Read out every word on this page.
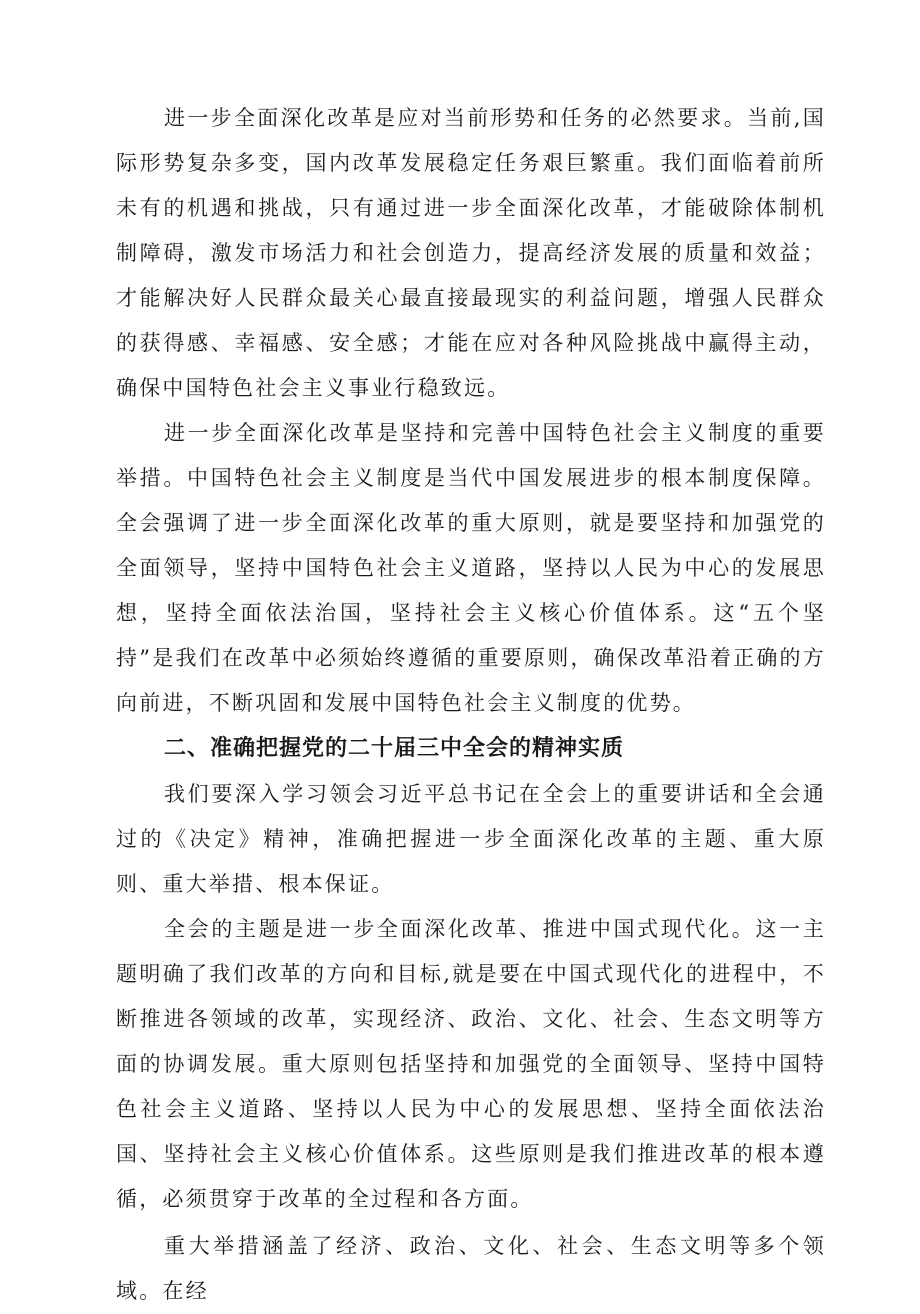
进一步全面深化改革是应对当前形势和任务的必然要求。当前,国际形势复杂多变，国内改革发展稳定任务艰巨繁重。我们面临着前所未有的机遇和挑战，只有通过进一步全面深化改革，才能破除体制机制障碍，激发市场活力和社会创造力，提高经济发展的质量和效益；才能解决好人民群众最关心最直接最现实的利益问题，增强人民群众的获得感、幸福感、安全感；才能在应对各种风险挑战中赢得主动，确保中国特色社会主义事业行稳致远。

进一步全面深化改革是坚持和完善中国特色社会主义制度的重要举措。中国特色社会主义制度是当代中国发展进步的根本制度保障。全会强调了进一步全面深化改革的重大原则，就是要坚持和加强党的全面领导，坚持中国特色社会主义道路，坚持以人民为中心的发展思想，坚持全面依法治国，坚持社会主义核心价值体系。这“五个坚持”是我们在改革中必须始终遵循的重要原则，确保改革沿着正确的方向前进，不断巩固和发展中国特色社会主义制度的优势。

二、准确把握党的二十届三中全会的精神实质

我们要深入学习领会习近平总书记在全会上的重要讲话和全会通过的《决定》精神，准确把握进一步全面深化改革的主题、重大原则、重大举措、根本保证。

全会的主题是进一步全面深化改革、推进中国式现代化。这一主题明确了我们改革的方向和目标,就是要在中国式现代化的进程中，不断推进各领域的改革，实现经济、政治、文化、社会、生态文明等方面的协调发展。重大原则包括坚持和加强党的全面领导、坚持中国特色社会主义道路、坚持以人民为中心的发展思想、坚持全面依法治国、坚持社会主义核心价值体系。这些原则是我们推进改革的根本遵循，必须贯穿于改革的全过程和各方面。

重大举措涵盖了经济、政治、文化、社会、生态文明等多个领域。在经
